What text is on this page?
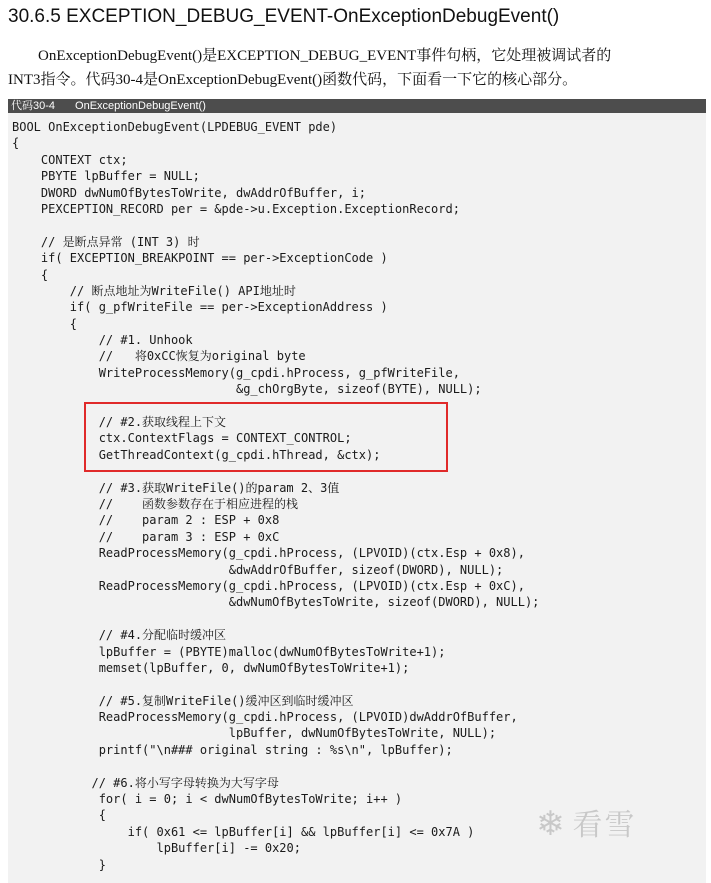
30.6.5 EXCEPTION_DEBUG_EVENT-OnExceptionDebugEvent()
OnExceptionDebugEvent()是EXCEPTION_DEBUG_EVENT事件句柄，它处理被调试者的
INT3指令。代码30-4是OnExceptionDebugEvent()函数代码，下面看一下它的核心部分。
代码30-4 OnExceptionDebugEvent()
BOOL OnExceptionDebugEvent(LPDEBUG_EVENT pde)
{
CONTEXT ctx;
PBYTE lpBuffer = NULL;
DWORD dwNumOfBytesToWrite, dwAddrOfBuffer, i;
PEXCEPTION_RECORD per = &pde->u.Exception.ExceptionRecord;
// 是断点异常 (INT 3) 时
if( EXCEPTION_BREAKPOINT == per->ExceptionCode )
{
// 断点地址为WriteFile() API地址时
if( g_pfWriteFile == per->ExceptionAddress )
{
// #1. Unhook
//   将0xCC恢复为original byte
WriteProcessMemory(g_cpdi.hProcess, g_pfWriteFile,
&g_chOrgByte, sizeof(BYTE), NULL);
// #2.获取线程上下文
ctx.ContextFlags = CONTEXT_CONTROL;
GetThreadContext(g_cpdi.hThread, &ctx);
// #3.获取WriteFile()的param 2、3值
//    函数参数存在于相应进程的栈
//    param 2 : ESP + 0x8
//    param 3 : ESP + 0xC
ReadProcessMemory(g_cpdi.hProcess, (LPVOID)(ctx.Esp + 0x8),
&dwAddrOfBuffer, sizeof(DWORD), NULL);
ReadProcessMemory(g_cpdi.hProcess, (LPVOID)(ctx.Esp + 0xC),
&dwNumOfBytesToWrite, sizeof(DWORD), NULL);
// #4.分配临时缓冲区
lpBuffer = (PBYTE)malloc(dwNumOfBytesToWrite+1);
memset(lpBuffer, 0, dwNumOfBytesToWrite+1);
// #5.复制WriteFile()缓冲区到临时缓冲区
ReadProcessMemory(g_cpdi.hProcess, (LPVOID)dwAddrOfBuffer,
lpBuffer, dwNumOfBytesToWrite, NULL);
printf("\n### original string : %s\n", lpBuffer);
// #6.将小写字母转换为大写字母
for( i = 0; i < dwNumOfBytesToWrite; i++ )
{
if( 0x61 <= lpBuffer[i] && lpBuffer[i] <= 0x7A )
lpBuffer[i] -= 0x20;
}
❄ 看雪
